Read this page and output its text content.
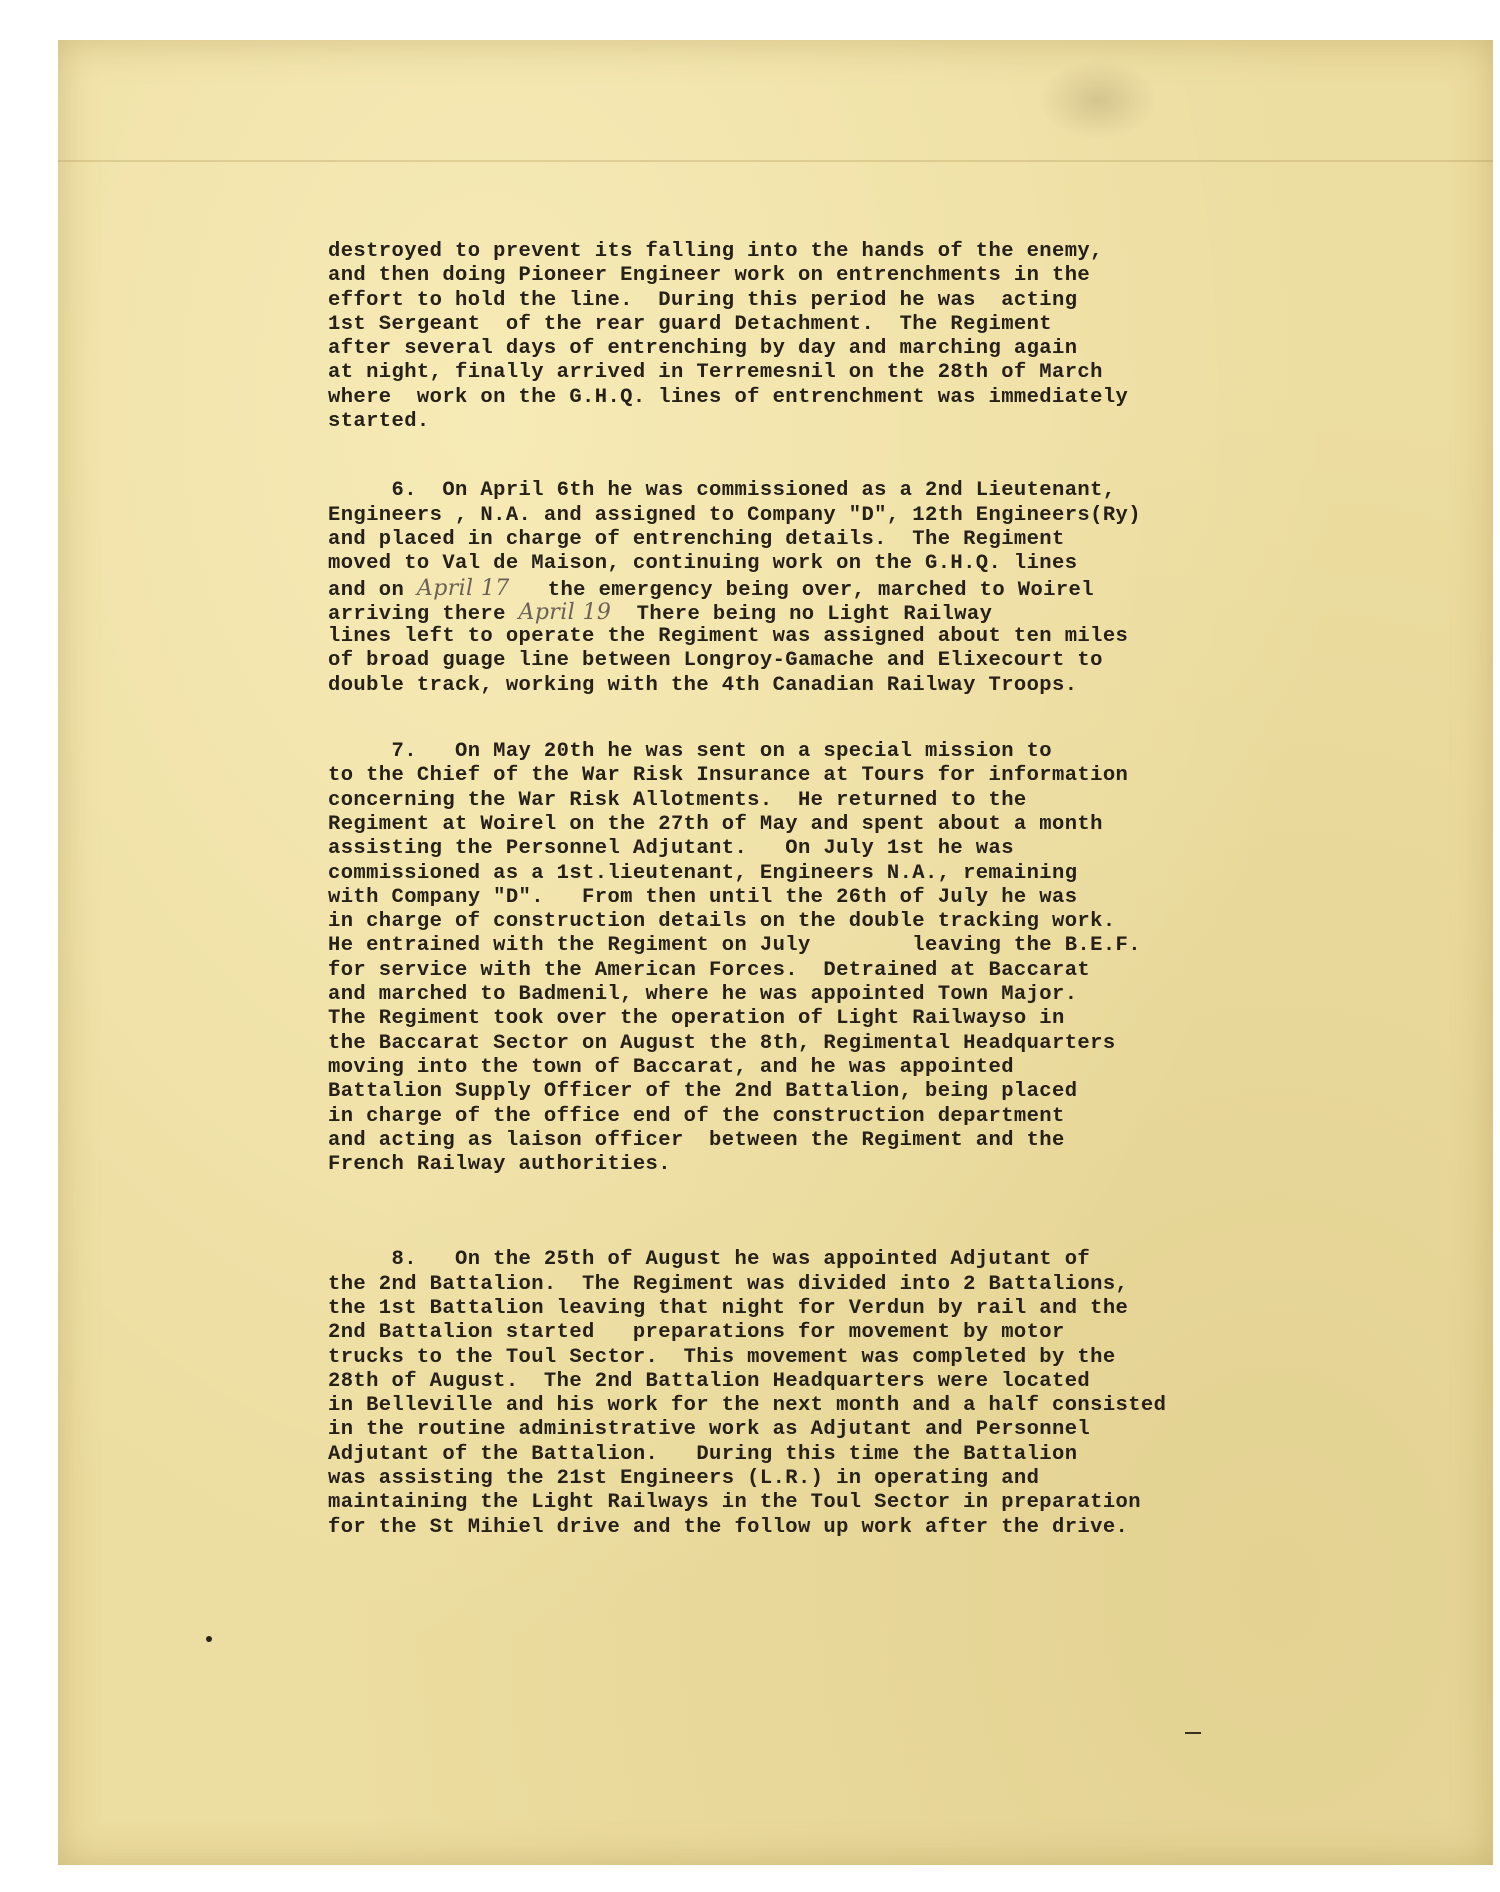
destroyed to prevent its falling into the hands of the enemy,
and then doing Pioneer Engineer work on entrenchments in the
effort to hold the line.  During this period he was  acting
1st Sergeant  of the rear guard Detachment.  The Regiment
after several days of entrenching by day and marching again
at night, finally arrived in Terremesnil on the 28th of March
where  work on the G.H.Q. lines of entrenchment was immediately
started.
6.  On April 6th he was commissioned as a 2nd Lieutenant,
Engineers , N.A. and assigned to Company "D", 12th Engineers(Ry)
and placed in charge of entrenching details.  The Regiment
moved to Val de Maison, continuing work on the G.H.Q. lines
and on April 17   the emergency being over, marched to Woirel
arriving there April 19  There being no Light Railway
lines left to operate the Regiment was assigned about ten miles
of broad guage line between Longroy-Gamache and Elixecourt to
double track, working with the 4th Canadian Railway Troops.
7.   On May 20th he was sent on a special mission to
to the Chief of the War Risk Insurance at Tours for information
concerning the War Risk Allotments.  He returned to the
Regiment at Woirel on the 27th of May and spent about a month
assisting the Personnel Adjutant.   On July 1st he was
commissioned as a 1st.lieutenant, Engineers N.A., remaining
with Company "D".   From then until the 26th of July he was
in charge of construction details on the double tracking work.
He entrained with the Regiment on July        leaving the B.E.F.
for service with the American Forces.  Detrained at Baccarat
and marched to Badmenil, where he was appointed Town Major.
The Regiment took over the operation of Light Railwayso in
the Baccarat Sector on August the 8th, Regimental Headquarters
moving into the town of Baccarat, and he was appointed
Battalion Supply Officer of the 2nd Battalion, being placed
in charge of the office end of the construction department
and acting as laison officer  between the Regiment and the
French Railway authorities.
8.   On the 25th of August he was appointed Adjutant of
the 2nd Battalion.  The Regiment was divided into 2 Battalions,
the 1st Battalion leaving that night for Verdun by rail and the
2nd Battalion started   preparations for movement by motor
trucks to the Toul Sector.  This movement was completed by the
28th of August.  The 2nd Battalion Headquarters were located
in Belleville and his work for the next month and a half consisted
in the routine administrative work as Adjutant and Personnel
Adjutant of the Battalion.   During this time the Battalion
was assisting the 21st Engineers (L.R.) in operating and
maintaining the Light Railways in the Toul Sector in preparation
for the St Mihiel drive and the follow up work after the drive.
